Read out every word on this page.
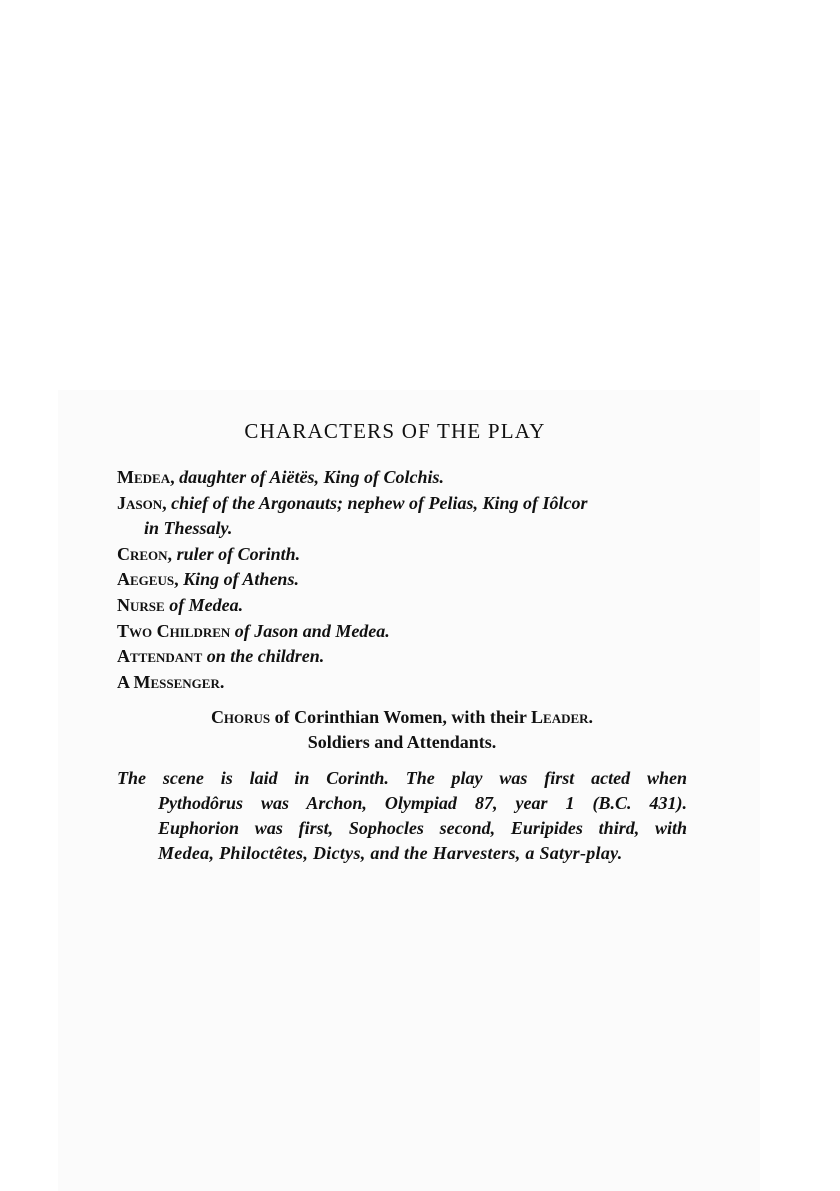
CHARACTERS OF THE PLAY
Medea, daughter of Aiëtës, King of Colchis.
Jason, chief of the Argonauts; nephew of Pelias, King of Iôlcor
in Thessaly.
Creon, ruler of Corinth.
Aegeus, King of Athens.
Nurse of Medea.
Two Children of Jason and Medea.
Attendant on the children.
A Messenger.
Chorus of Corinthian Women, with their Leader.
Soldiers and Attendants.
The scene is laid in Corinth. The play was first acted when
Pythodôrus was Archon, Olympiad 87, year 1 (B.C. 431).
Euphorion was first, Sophocles second, Euripides third, with
Medea, Philoctêtes, Dictys, and the Harvesters, a Satyr-play.
